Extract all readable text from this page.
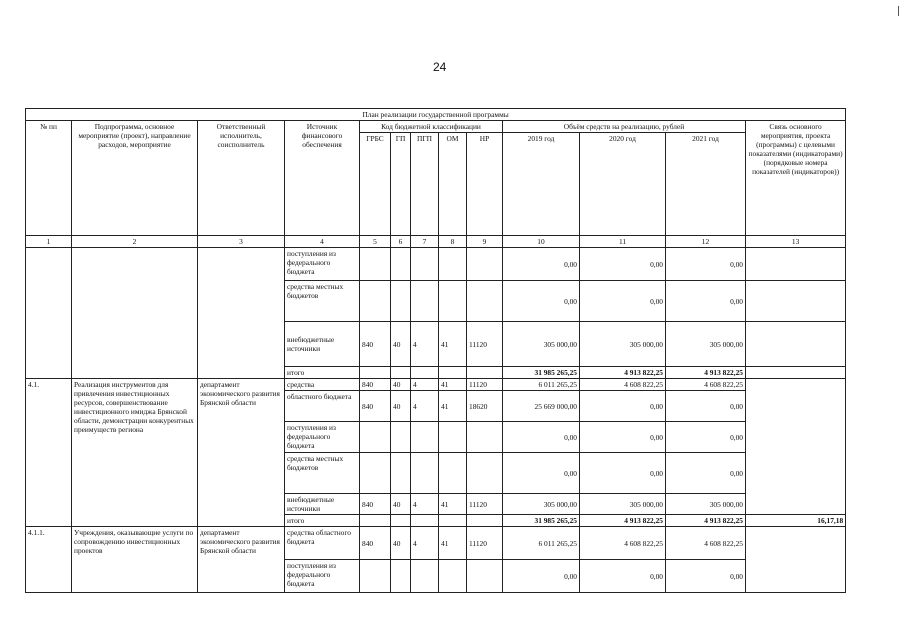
24
План реализации государственной программы												
№ пп	Подпрограмма, основное мероприятие (проект), направление расходов, мероприятие	Ответственный исполнитель, соисполнитель	Источник финансового обеспечения	Код бюджетной классификации					Объём средств на реализацию, рублей			Связь основного мероприятия, проекта (программы) с целевыми показателями (индикаторами) (порядковые номера показателей (индикаторов))
				ГРБС	ГП	ПГП	ОМ	НР	2019 год	2020 год	2021 год	
1	2	3	4	5	6	7	8	9	10	11	12	13
			поступления из федерального бюджета						0,00	0,00	0,00	
			средства местных бюджетов						0,00	0,00	0,00	
			внебюджетные источники	840	40	4	41	11120	305 000,00	305 000,00	305 000,00	
			итого						31 985 265,25	4 913 822,25	4 913 822,25	
4.1.	Реализация инструментов для привлечения инвестиционных ресурсов, совершенствование инвестиционного имиджа Брянской области, демонстрации конкурентных преимуществ региона	департамент экономического развития Брянской области	средства	840	40	4	41	11120	6 011 265,25	4 608 822,25	4 608 822,25	
			областного бюджета	840	40	4	41	18620	25 669 000,00	0,00	0,00	
			поступления из федерального бюджета						0,00	0,00	0,00	
			средства местных бюджетов						0,00	0,00	0,00	
			внебюджетные источники	840	40	4	41	11120	305 000,00	305 000,00	305 000,00	
			итого						31 985 265,25	4 913 822,25	4 913 822,25	16,17,18
4.1.1.	Учреждения, оказывающие услуги по сопровождению инвестиционных проектов	департамент экономического развития Брянской области	средства областного бюджета	840	40	4	41	11120	6 011 265,25	4 608 822,25	4 608 822,25	
			поступления из федерального бюджета						0,00	0,00	0,00	
